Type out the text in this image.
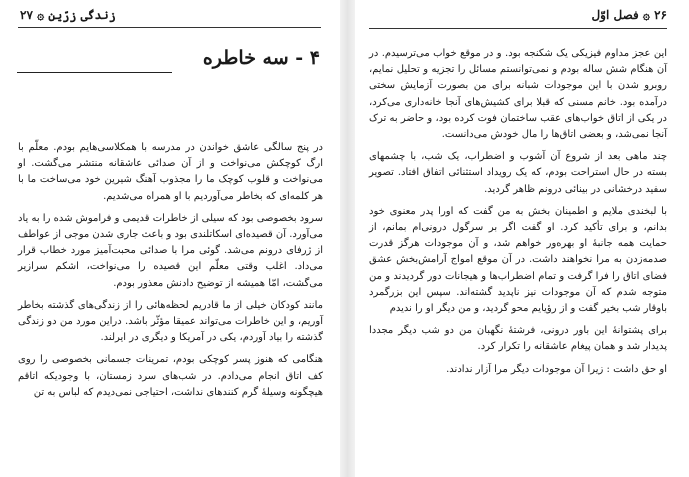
زندگی زرّین ۞ ۲۷
۴ - سه خاطره

در پنج سالگی عاشق خواندن در مدرسه با همکلاسی‌هایم بودم. معلّم با ارگ کوچکش می‌نواخت و از آن صدائی عاشقانه منتشر می‌گشت. او می‌نواخت و قلوب کوچک ما را مجذوب آهنگ شیرین خود می‌ساخت ما با هر کلمه‌ای که بخاطر می‌آوردیم با او همراه می‌شدیم.

سرود بخصوصی بود که سیلی از خاطرات قدیمی و فراموش شده را به یاد می‌آورد. آن قصیده‌ای اسکاتلندی بود و باعث جاری شدن موجی از عواطف از ژرفای درونم می‌شد. گوئی مرا با صدائی محبت‌آمیز مورد خطاب قرار می‌داد. اغلب وقتی معلّم این قصیده را می‌نواخت، اشکم سرازیر می‌گشت، امّا همیشه از توضیح دادنش معذور بودم.

مانند کودکان خیلی از ما قادریم لحظه‌هائی را از زندگی‌های گذشته بخاطر آوریم، و این خاطرات می‌تواند عمیقا مؤثّر باشد. دراین مورد من دو زندگی گذشته را بیاد آوردم، یکی در آمریکا و دیگری در ایرلند.

هنگامی که هنوز پسر کوچکی بودم، تمرینات جسمانی بخصوصی را روی کف اتاق انجام می‌دادم. در شب‌های سرد زمستان، با وجودیکه اتاقم هیچگونه وسیلهٔ گرم کنندهای نداشت، احتیاجی نمی‌دیدم که لباس به تن

۲۶ ۞ فصل اوّل

این عجز مداوم فیزیکی یک شکنجه بود. و در موقع خواب می‌ترسیدم. در آن هنگام شش ساله بودم و نمی‌توانستم مسائل را تجزیه و تحلیل نمایم، روبرو شدن با این موجودات شبانه برای من بصورت آزمایش سختی درآمده بود. خانم مسنی که قبلا برای کشیش‌های آنجا خانه‌داری می‌کرد، در یکی از اتاق خواب‌های عقب ساختمان فوت کرده بود، و حاضر به ترک آنجا نمی‌شد، و بعضی اتاق‌ها را مال خودش می‌دانست.

چند ماهی بعد از شروع آن آشوب و اضطراب، یک شب، با چشمهای بسته در حال استراحت بودم، که یک رویداد استثنائی اتفاق افتاد. تصویر سفید درخشانی در بینائی درونم ظاهر گردید.

با لبخندی ملایم و اطمینان بخش به من گفت که اورا پدر معنوی خود بدانم، و برای تأکید کرد. او گفت اگر بر سرگول درونی‌ام بمانم، از حمایت همه جانبهٔ او بهره‌ور خواهم شد، و آن موجودات هرگز قدرت صدمه‌زدن به مرا نخواهند داشت. در آن موقع امواج آرامش‌بخش عشق فضای اتاق را فرا گرفت و تمام اضطراب‌ها و هیجانات دور گردیدند و من متوجه شدم که آن موجودات نیز ناپدید گشته‌اند. سپس این بزرگمرد باوقار شب بخیر گفت و از رؤیایم محو گردید، و من دیگر او را ندیدم

برای پشتوانهٔ این باور درونی، فرشتهٔ نگهبان من دو شب دیگر مجددا پدیدار شد و همان پیغام عاشقانه را تکرار کرد.

او حق داشت : زیرا آن موجودات دیگر مرا آزار ندادند.
